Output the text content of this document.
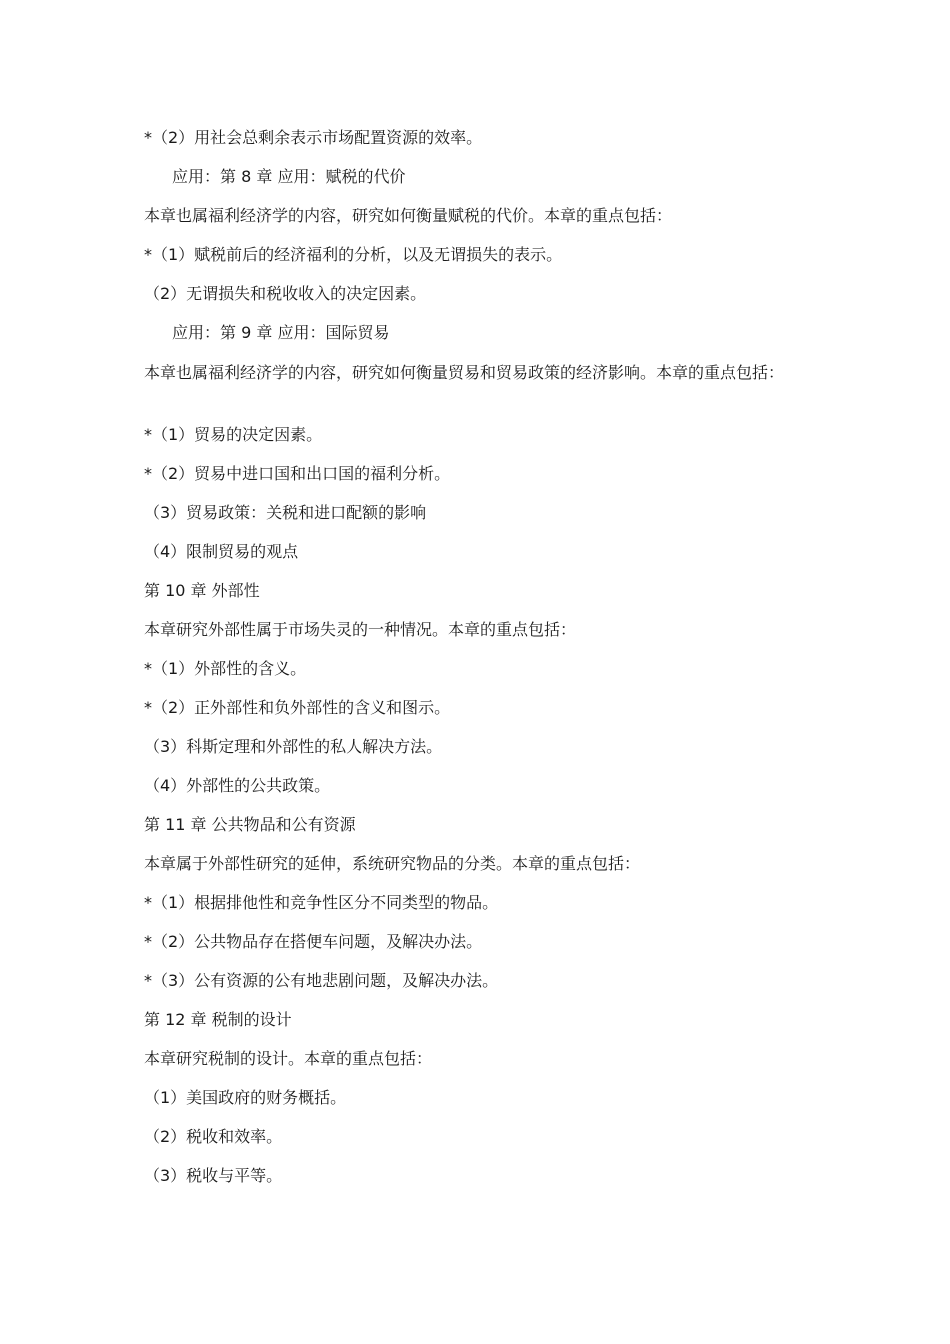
*（2）用社会总剩余表示市场配置资源的效率。
应用：第 8 章 应用：赋税的代价
本章也属福利经济学的内容，研究如何衡量赋税的代价。本章的重点包括：
*（1）赋税前后的经济福利的分析，以及无谓损失的表示。
（2）无谓损失和税收收入的决定因素。
应用：第 9 章 应用：国际贸易
本章也属福利经济学的内容，研究如何衡量贸易和贸易政策的经济影响。本章的重点包括：
*（1）贸易的决定因素。
*（2）贸易中进口国和出口国的福利分析。
（3）贸易政策：关税和进口配额的影响
（4）限制贸易的观点
第 10 章 外部性
本章研究外部性属于市场失灵的一种情况。本章的重点包括：
*（1）外部性的含义。
*（2）正外部性和负外部性的含义和图示。
（3）科斯定理和外部性的私人解决方法。
（4）外部性的公共政策。
第 11 章 公共物品和公有资源
本章属于外部性研究的延伸，系统研究物品的分类。本章的重点包括：
*（1）根据排他性和竞争性区分不同类型的物品。
*（2）公共物品存在搭便车问题，及解决办法。
*（3）公有资源的公有地悲剧问题，及解决办法。
第 12 章 税制的设计
本章研究税制的设计。本章的重点包括：
（1）美国政府的财务概括。
（2）税收和效率。
（3）税收与平等。
